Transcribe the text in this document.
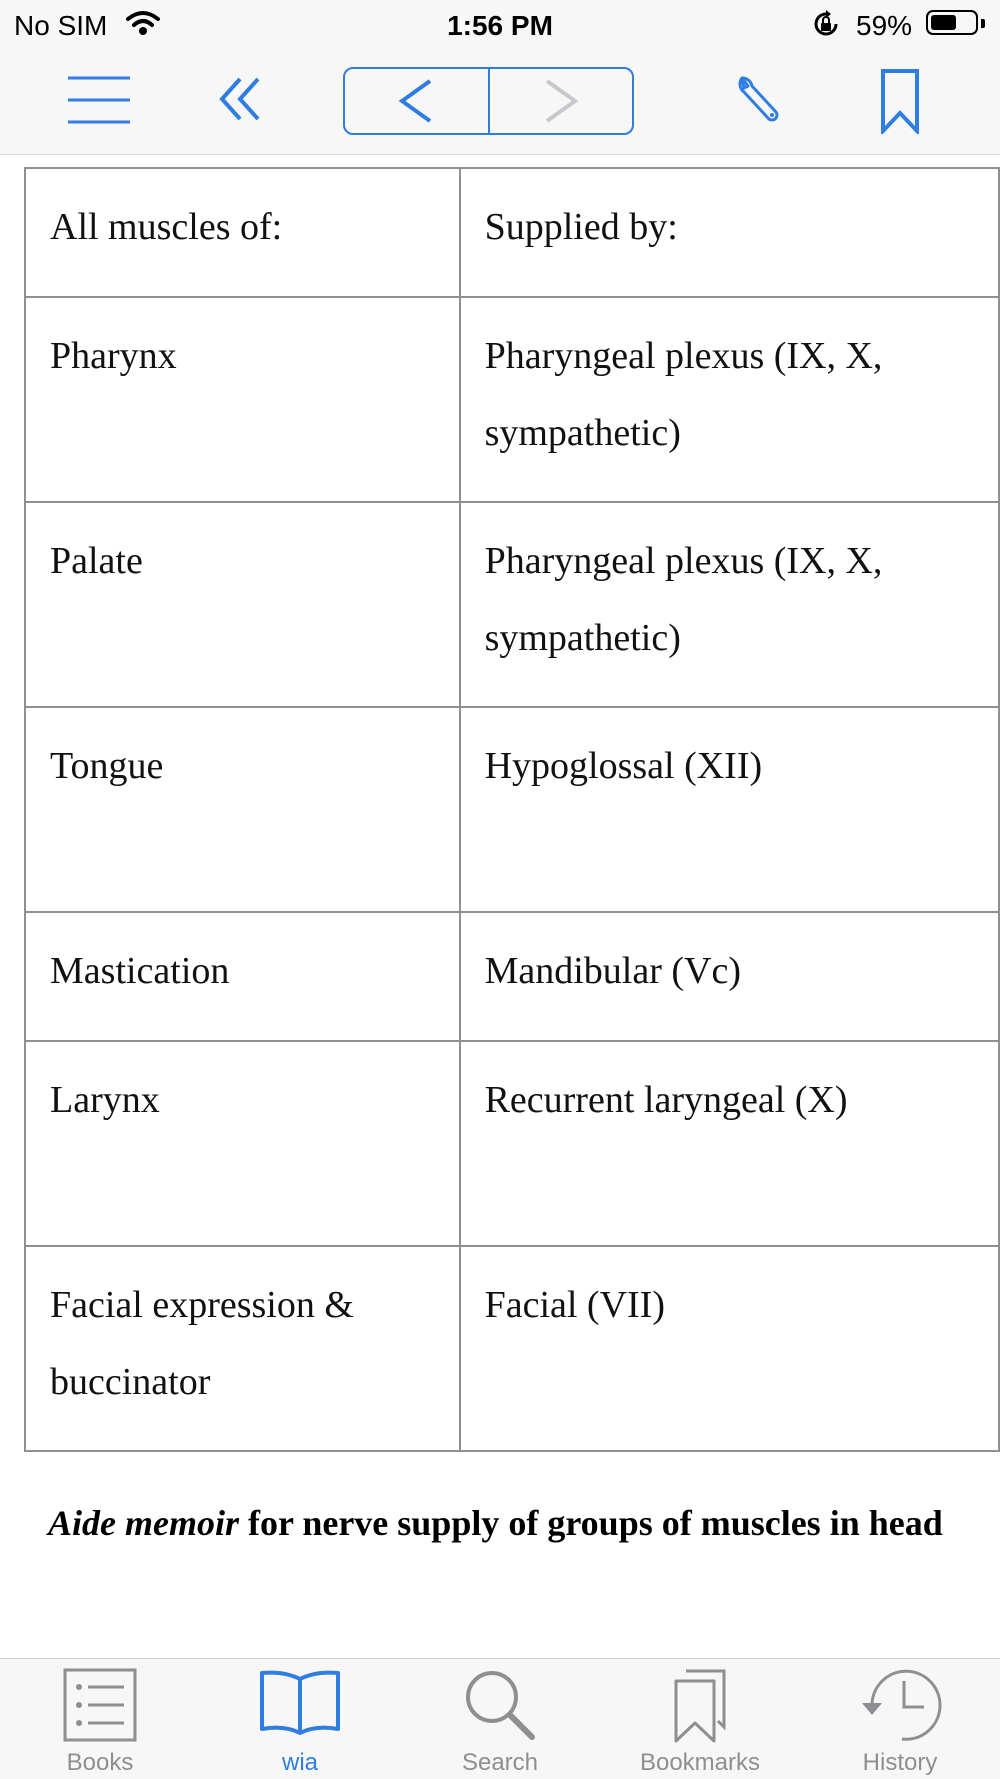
No SIM	1:56 PM	59%
All muscles of:	Supplied by:

Pharynx	Pharyngeal plexus (IX, X, sympathetic)

Palate	Pharyngeal plexus (IX, X, sympathetic)

Tongue	Hypoglossal (XII)

Mastication	Mandibular (Vc)

Larynx	Recurrent laryngeal (X)

Facial expression & buccinator	Facial (VII)
Aide memoir for nerve supply of groups of muscles in head
Books	wia	Search	Bookmarks	History
